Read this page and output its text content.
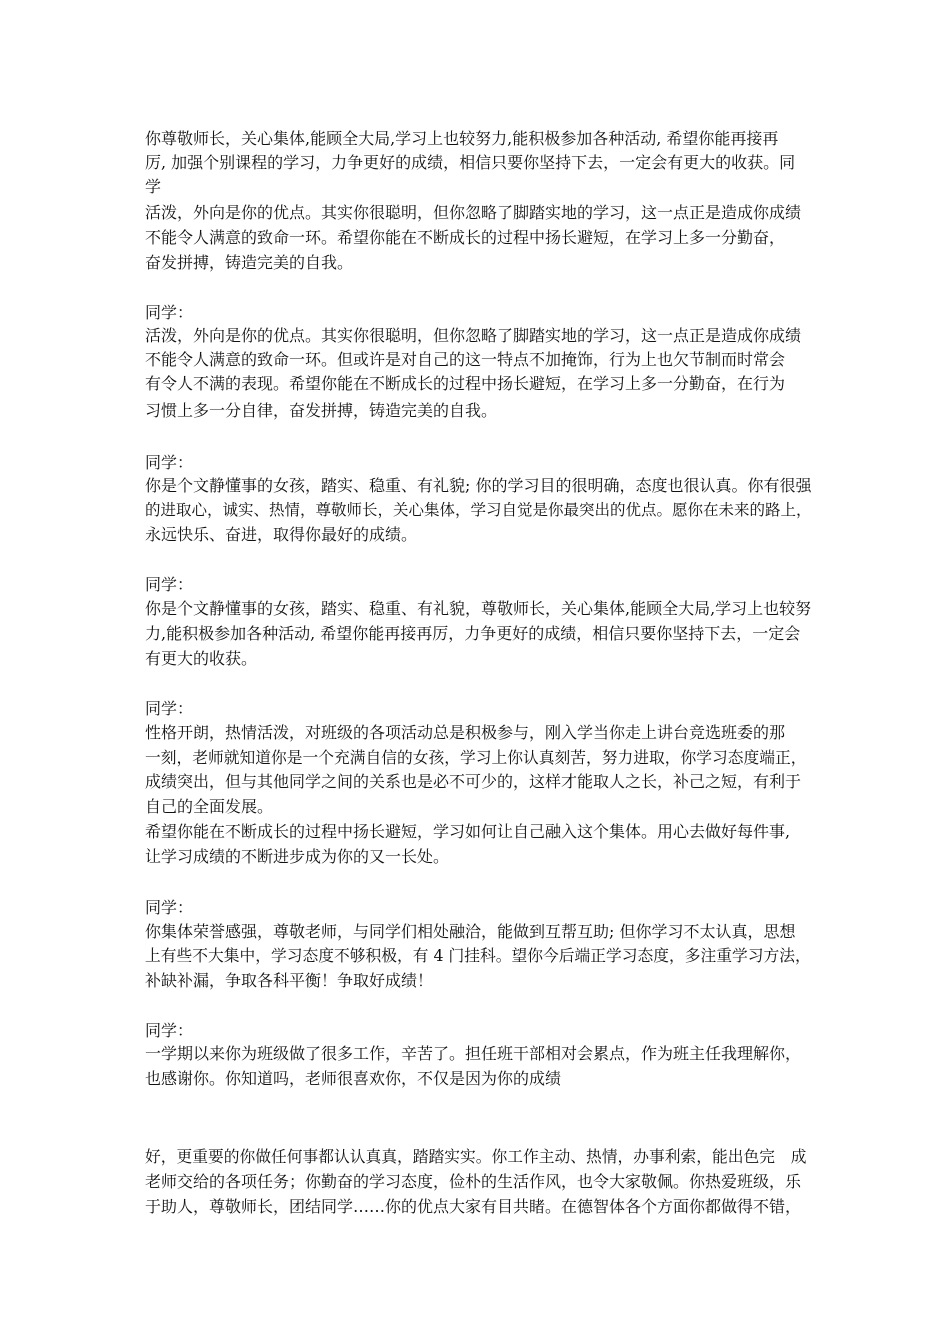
你尊敬师长，关心集体,能顾全大局,学习上也较努力,能积极参加各种活动, 希望你能再接再
厉, 加强个别课程的学习，力争更好的成绩，相信只要你坚持下去，一定会有更大的收获。同
学
活泼，外向是你的优点。其实你很聪明，但你忽略了脚踏实地的学习，这一点正是造成你成绩
不能令人满意的致命一环。希望你能在不断成长的过程中扬长避短，在学习上多一分勤奋，
奋发拼搏，铸造完美的自我。
同学：
活泼，外向是你的优点。其实你很聪明，但你忽略了脚踏实地的学习，这一点正是造成你成绩
不能令人满意的致命一环。但或许是对自己的这一特点不加掩饰，行为上也欠节制而时常会
有令人不满的表现。希望你能在不断成长的过程中扬长避短，在学习上多一分勤奋，在行为
习惯上多一分自律，奋发拼搏，铸造完美的自我。
同学：
你是个文静懂事的女孩，踏实、稳重、有礼貌; 你的学习目的很明确，态度也很认真。你有很强
的进取心，诚实、热情，尊敬师长，关心集体，学习自觉是你最突出的优点。愿你在未来的路上，
永远快乐、奋进，取得你最好的成绩。
同学：
你是个文静懂事的女孩，踏实、稳重、有礼貌，尊敬师长，关心集体,能顾全大局,学习上也较努
力,能积极参加各种活动, 希望你能再接再厉，力争更好的成绩，相信只要你坚持下去，一定会
有更大的收获。
同学：
性格开朗，热情活泼，对班级的各项活动总是积极参与，刚入学当你走上讲台竞选班委的那
一刻，老师就知道你是一个充满自信的女孩，学习上你认真刻苦，努力进取，你学习态度端正，
成绩突出，但与其他同学之间的关系也是必不可少的，这样才能取人之长，补己之短，有利于
自己的全面发展。
希望你能在不断成长的过程中扬长避短，学习如何让自己融入这个集体。用心去做好每件事,
让学习成绩的不断进步成为你的又一长处。
同学：
你集体荣誉感强，尊敬老师，与同学们相处融洽，能做到互帮互助; 但你学习不太认真，思想
上有些不大集中，学习态度不够积极，有 4 门挂科。望你今后端正学习态度，多注重学习方法，
补缺补漏，争取各科平衡！争取好成绩！
同学：
一学期以来你为班级做了很多工作，辛苦了。担任班干部相对会累点，作为班主任我理解你，
也感谢你。你知道吗，老师很喜欢你，不仅是因为你的成绩
好，更重要的你做任何事都认认真真，踏踏实实。你工作主动、热情，办事利索，能出色完　成
老师交给的各项任务；你勤奋的学习态度，俭朴的生活作风，也令大家敬佩。你热爱班级，乐
于助人，尊敬师长，团结同学……你的优点大家有目共睹。在德智体各个方面你都做得不错，
